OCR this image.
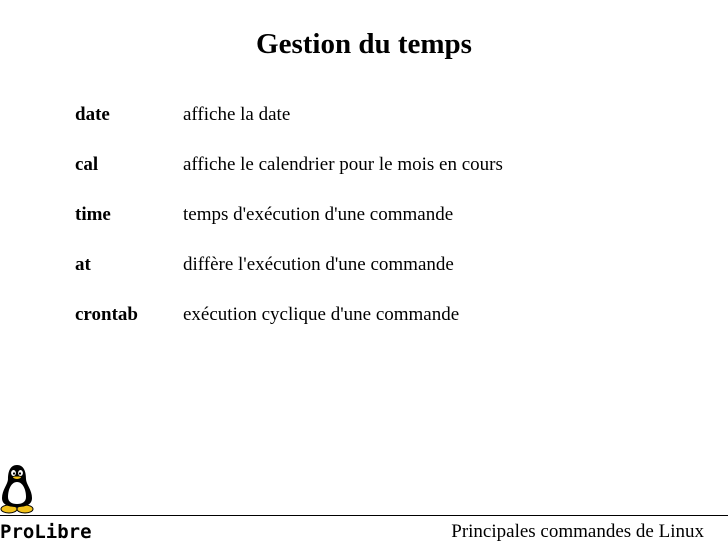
Gestion du temps
date	affiche la date
cal	affiche le calendrier pour le mois en cours
time	temps d'exécution d'une commande
at	diffère l'exécution d'une commande
crontab exécution cyclique d'une commande
ProLibre	Principales commandes de Linux
